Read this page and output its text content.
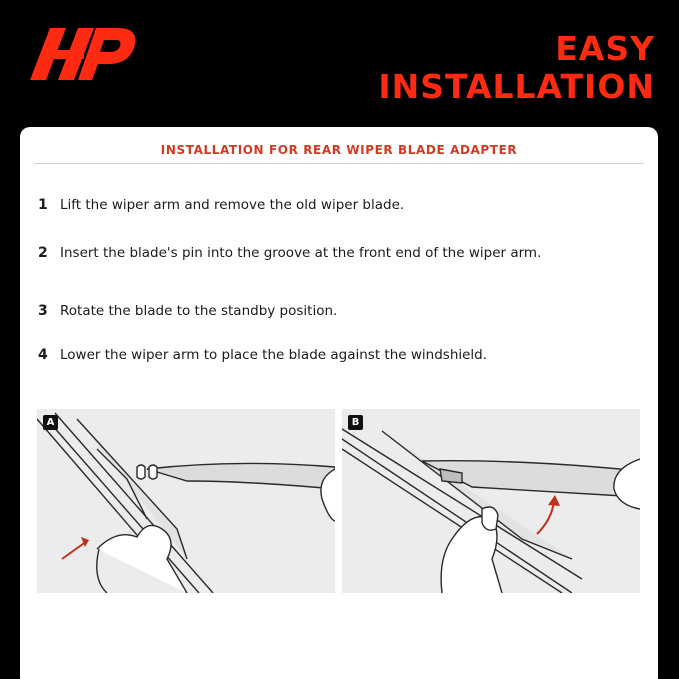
EASY
INSTALLATION
INSTALLATION FOR REAR WIPER BLADE ADAPTER
1 Lift the wiper arm and remove the old wiper blade.
2 Insert the blade's pin into the groove at the front end of the wiper arm.
3 Rotate the blade to the standby position.
4 Lower the wiper arm to place the blade against the windshield.
A	B
